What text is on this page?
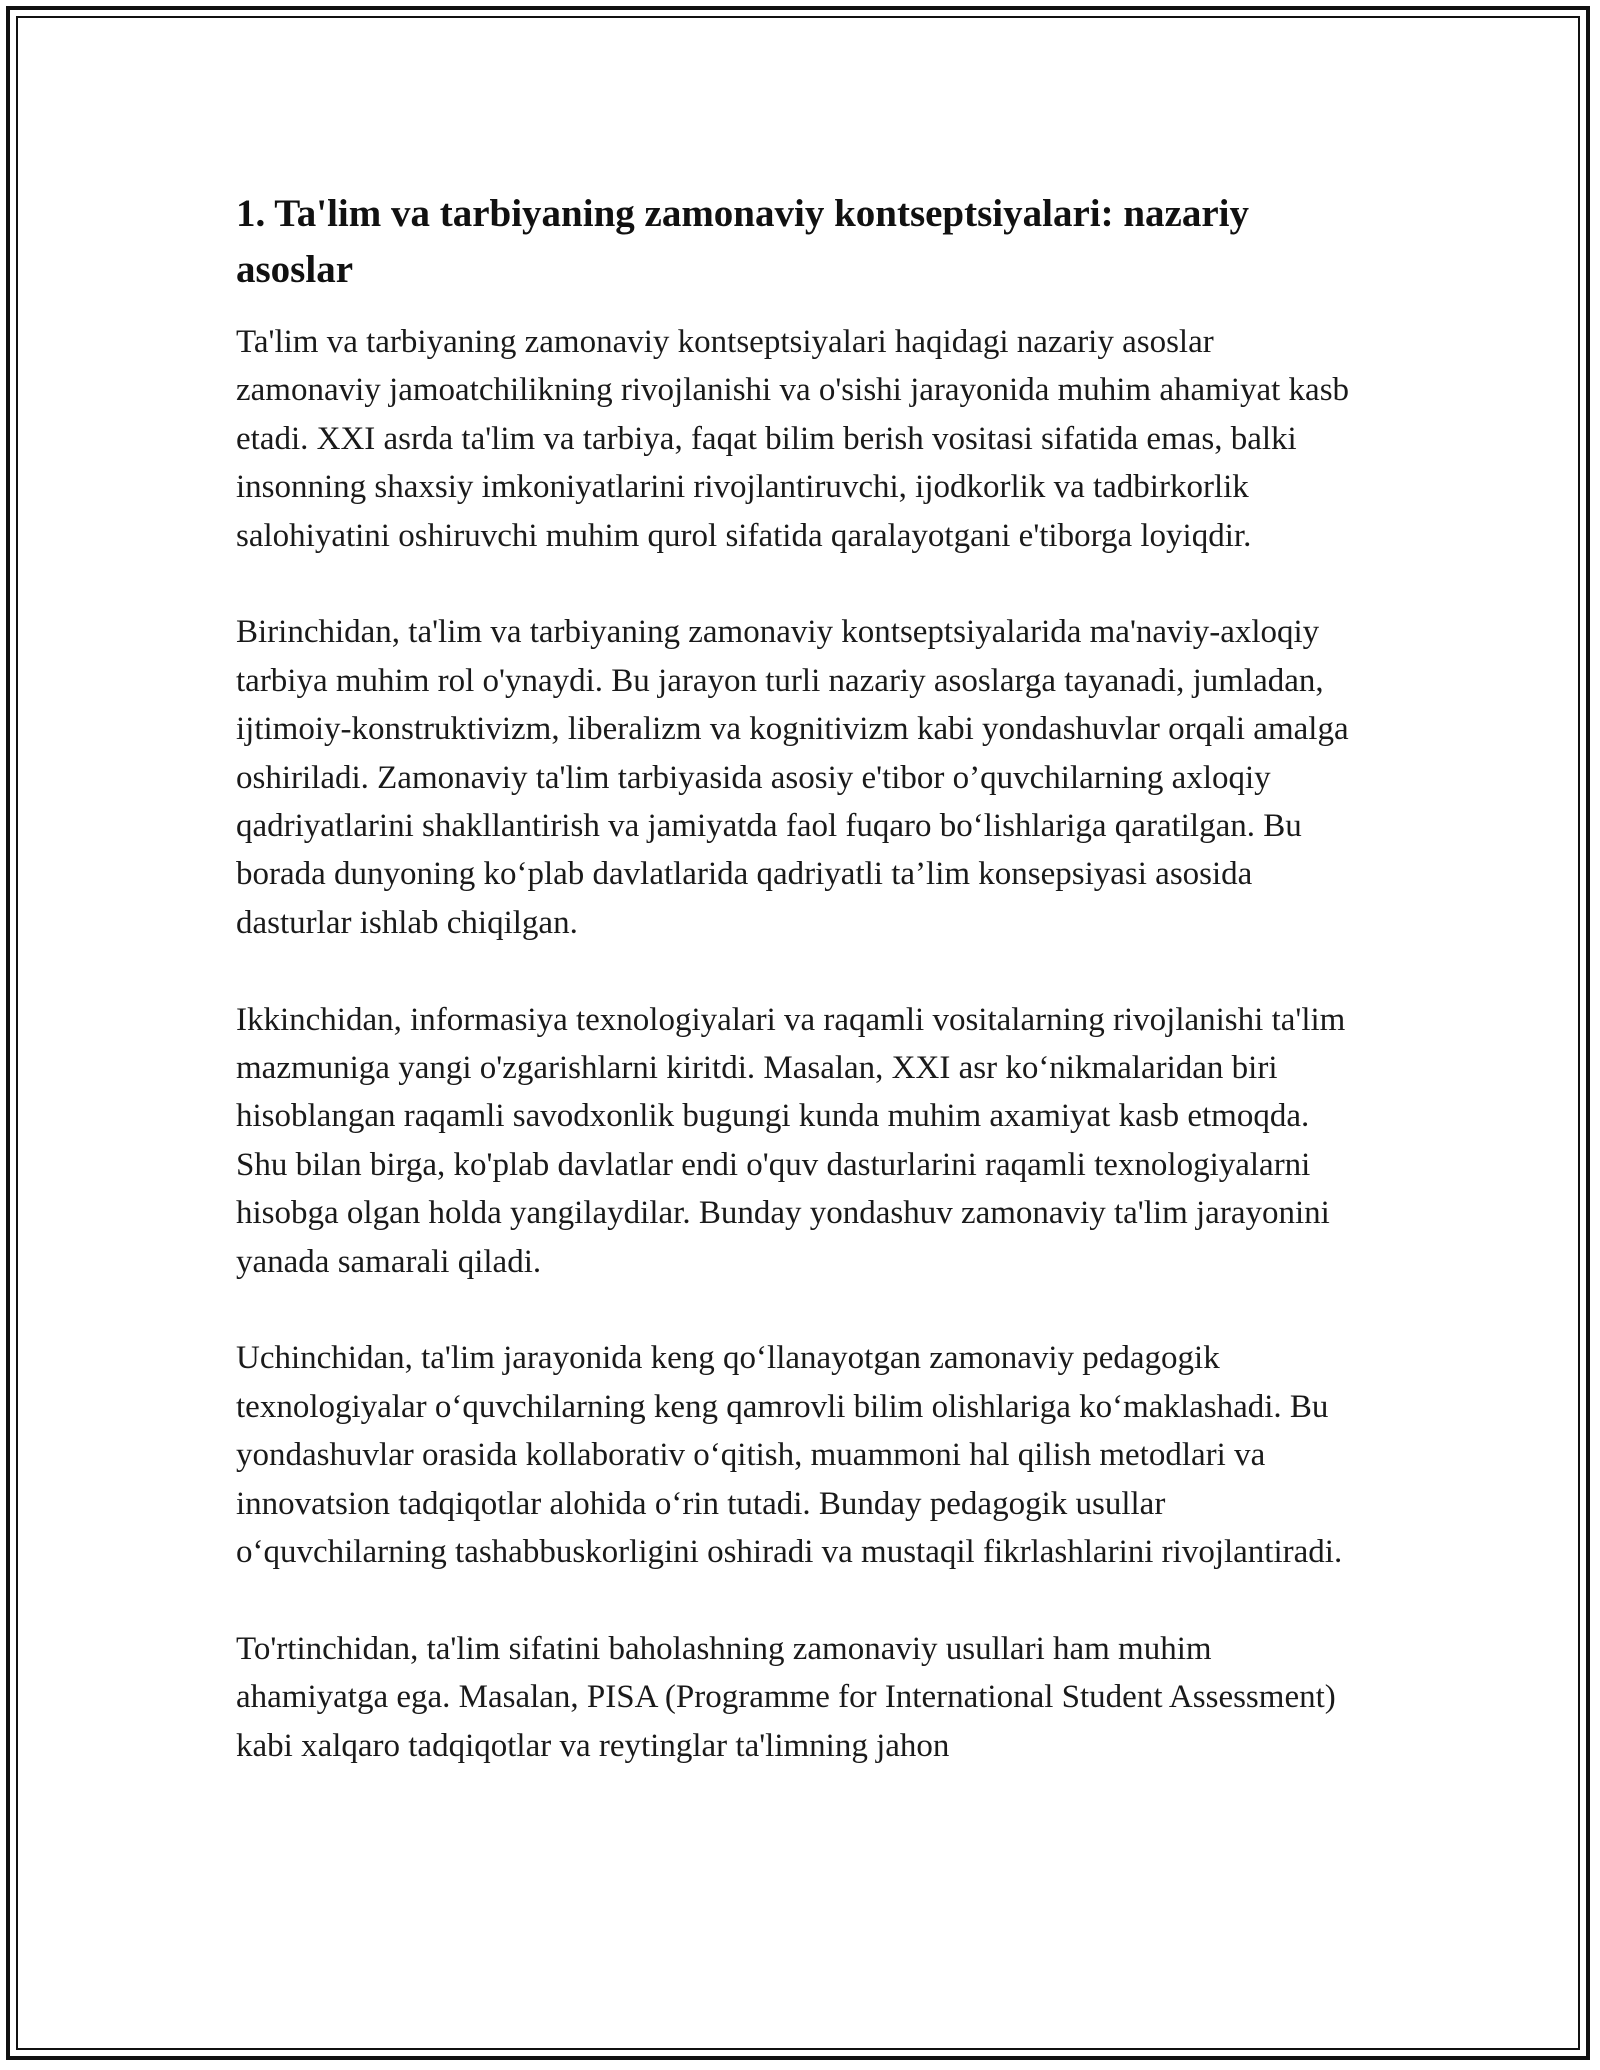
1. Ta'lim va tarbiyaning zamonaviy kontseptsiyalari: nazariy asoslar

Ta'lim va tarbiyaning zamonaviy kontseptsiyalari haqidagi nazariy asoslar zamonaviy jamoatchilikning rivojlanishi va o'sishi jarayonida muhim ahamiyat kasb etadi. XXI asrda ta'lim va tarbiya, faqat bilim berish vositasi sifatida emas, balki insonning shaxsiy imkoniyatlarini rivojlantiruvchi, ijodkorlik va tadbirkorlik salohiyatini oshiruvchi muhim qurol sifatida qaralayotgani e'tiborga loyiqdir.

Birinchidan, ta'lim va tarbiyaning zamonaviy kontseptsiyalarida ma'naviy-axloqiy tarbiya muhim rol o'ynaydi. Bu jarayon turli nazariy asoslarga tayanadi, jumladan, ijtimoiy-konstruktivizm, liberalizm va kognitivizm kabi yondashuvlar orqali amalga oshiriladi. Zamonaviy ta'lim tarbiyasida asosiy e'tibor o’quvchilarning axloqiy qadriyatlarini shakllantirish va jamiyatda faol fuqaro bo‘lishlariga qaratilgan. Bu borada dunyoning ko‘plab davlatlarida qadriyatli ta’lim konsepsiyasi asosida dasturlar ishlab chiqilgan.

Ikkinchidan, informasiya texnologiyalari va raqamli vositalarning rivojlanishi ta'lim mazmuniga yangi o'zgarishlarni kiritdi. Masalan, XXI asr ko‘nikmalaridan biri hisoblangan raqamli savodxonlik bugungi kunda muhim axamiyat kasb etmoqda. Shu bilan birga, ko'plab davlatlar endi o'quv dasturlarini raqamli texnologiyalarni hisobga olgan holda yangilaydilar. Bunday yondashuv zamonaviy ta'lim jarayonini yanada samarali qiladi.

Uchinchidan, ta'lim jarayonida keng qo‘llanayotgan zamonaviy pedagogik texnologiyalar o‘quvchilarning keng qamrovli bilim olishlariga ko‘maklashadi. Bu yondashuvlar orasida kollaborativ o‘qitish, muammoni hal qilish metodlari va innovatsion tadqiqotlar alohida o‘rin tutadi. Bunday pedagogik usullar o‘quvchilarning tashabbuskorligini oshiradi va mustaqil fikrlashlarini rivojlantiradi.

To'rtinchidan, ta'lim sifatini baholashning zamonaviy usullari ham muhim ahamiyatga ega. Masalan, PISA (Programme for International Student Assessment) kabi xalqaro tadqiqotlar va reytinglar ta'limning jahon
